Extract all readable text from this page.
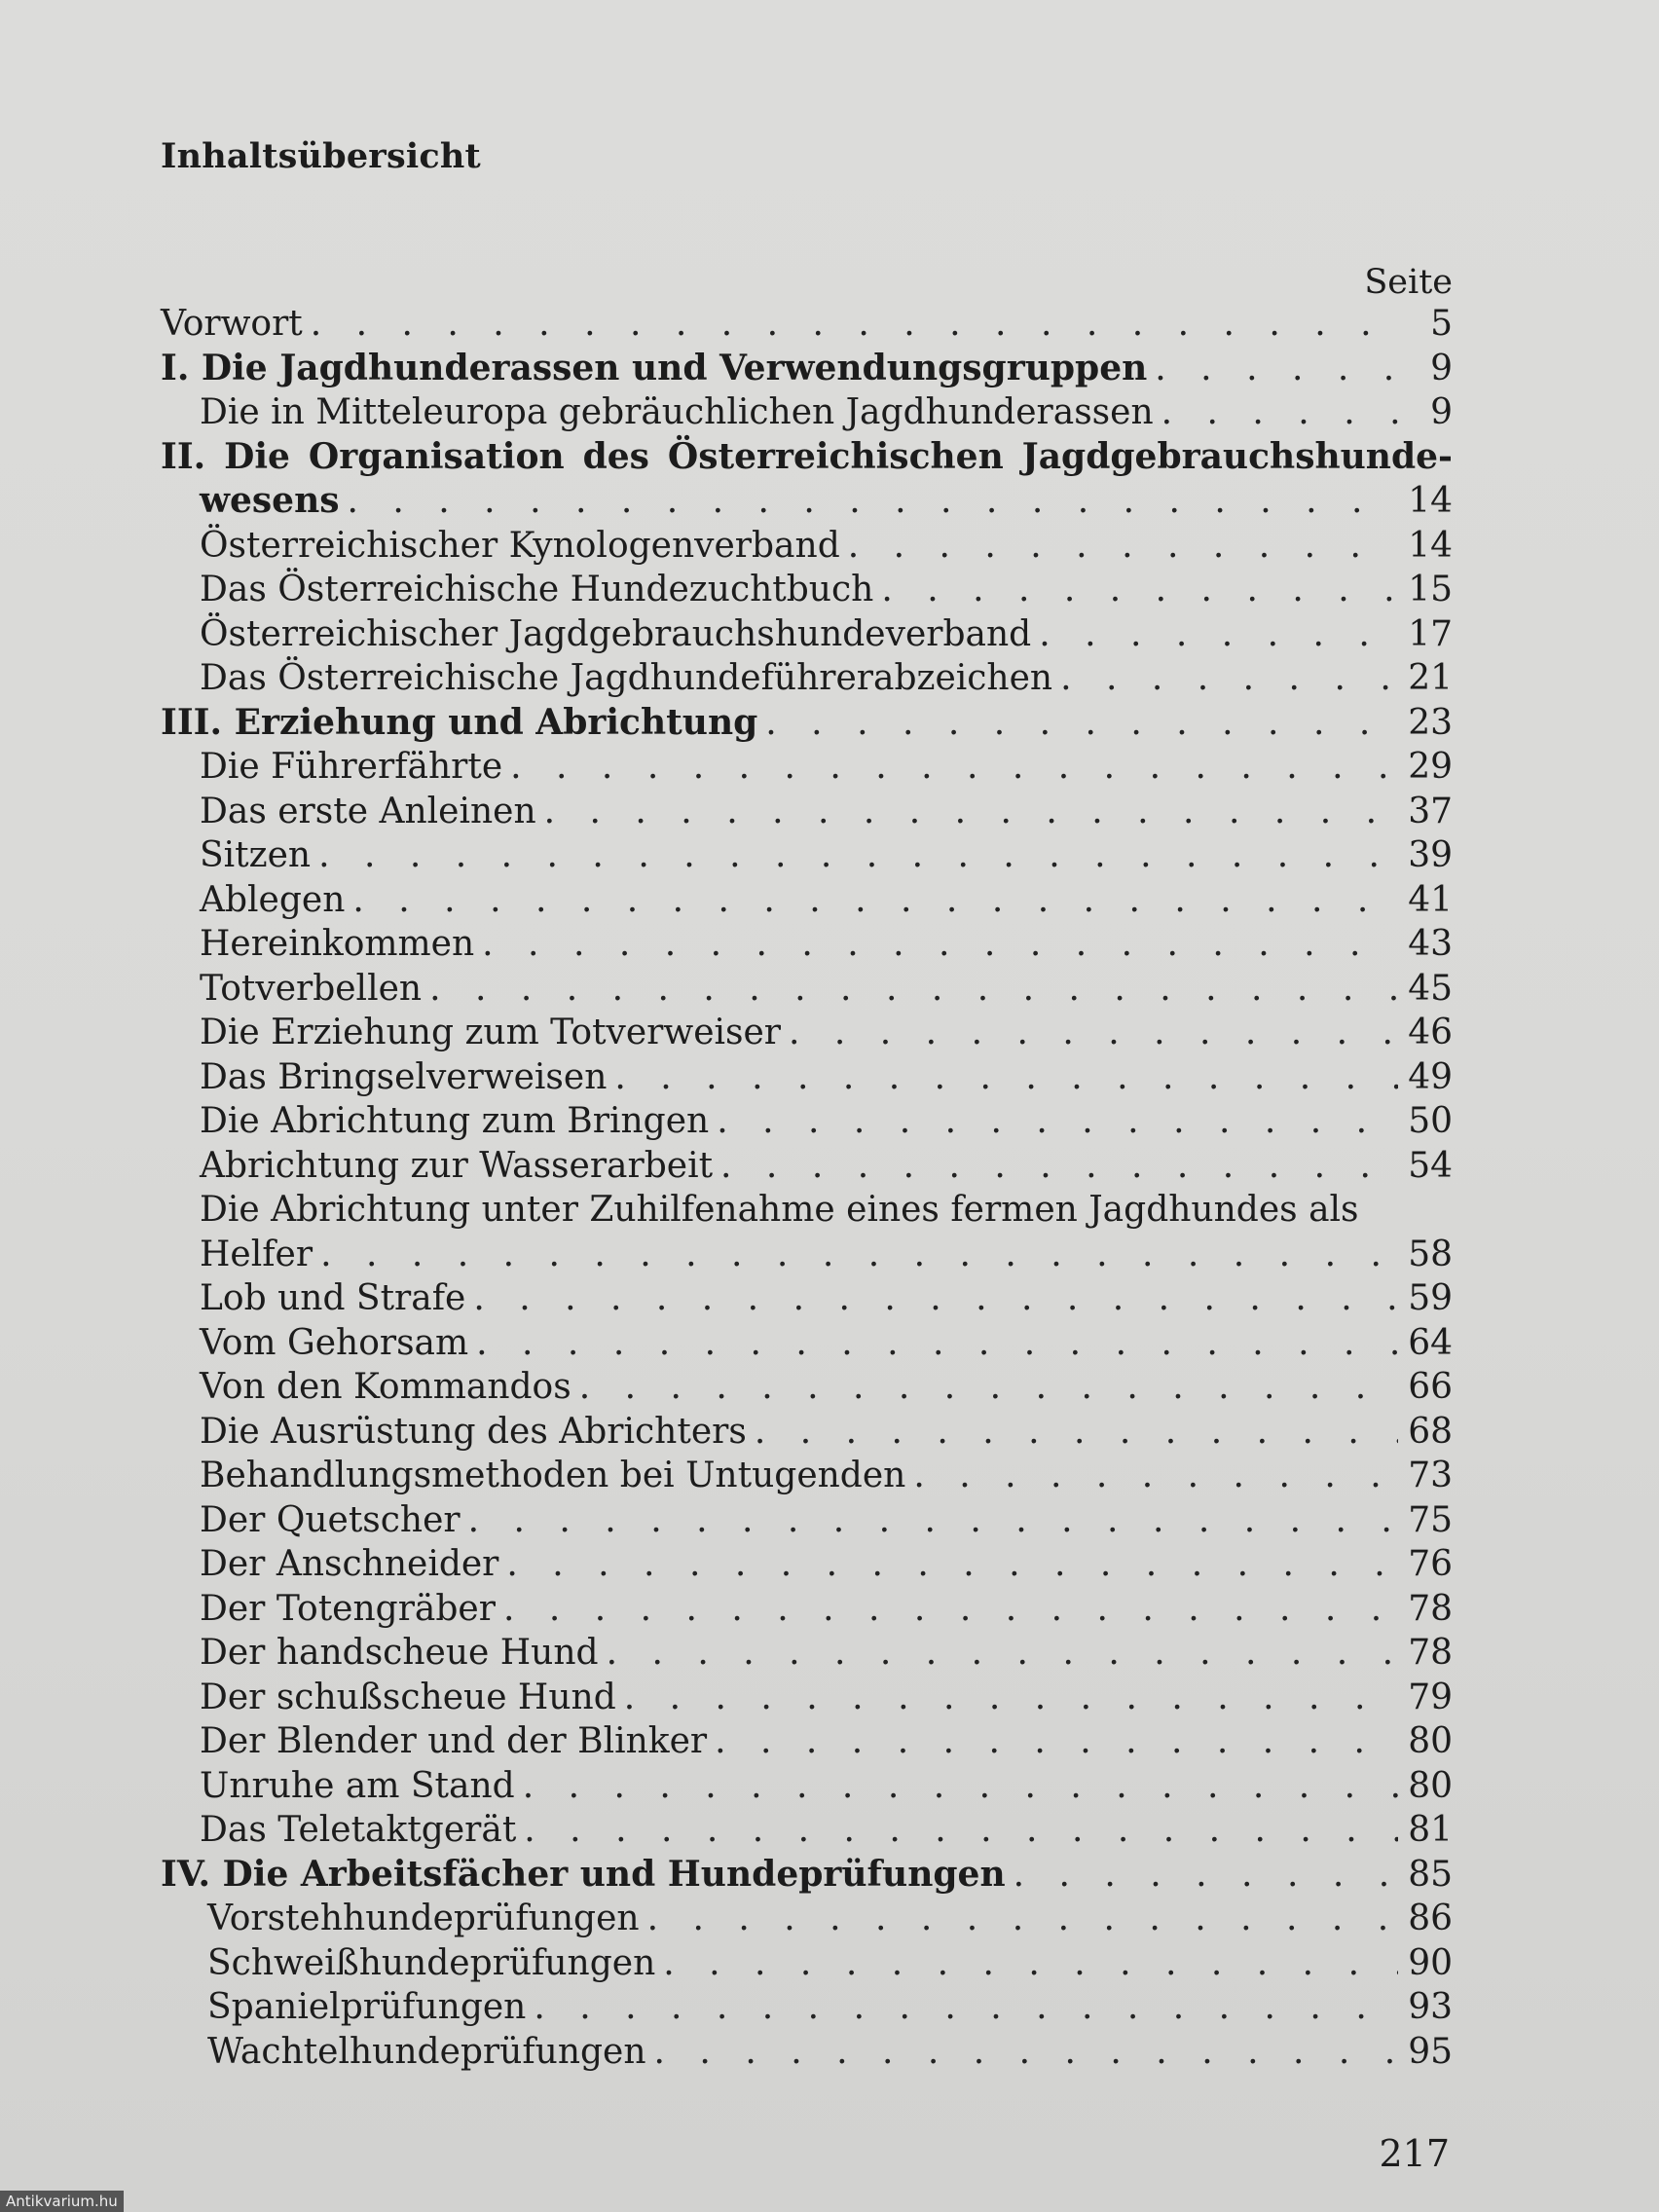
Inhaltsübersicht
Seite
Vorwort . . .	5
I. Die Jagdhunderassen und Verwendungsgruppen . . .	9
Die in Mitteleuropa gebräuchlichen Jagdhunderassen . . .	9
II. Die Organisation des Österreichischen Jagdgebrauchshunde-
wesens . . .	14
Österreichischer Kynologenverband . . .	14
Das Österreichische Hundezuchtbuch . . .	15
Österreichischer Jagdgebrauchshundeverband . . .	17
Das Österreichische Jagdhundeführerabzeichen . . .	21
III. Erziehung und Abrichtung . . .	23
Die Führerfährte . . .	29
Das erste Anleinen . . .	37
Sitzen . . .	39
Ablegen . . .	41
Hereinkommen . . .	43
Totverbellen . . .	45
Die Erziehung zum Totverweiser . . .	46
Das Bringselverweisen . . .	49
Die Abrichtung zum Bringen . . .	50
Abrichtung zur Wasserarbeit . . .	54
Die Abrichtung unter Zuhilfenahme eines fermen Jagdhundes als
Helfer . . .	58
Lob und Strafe . . .	59
Vom Gehorsam . . .	64
Von den Kommandos . . .	66
Die Ausrüstung des Abrichters . . .	68
Behandlungsmethoden bei Untugenden . . .	73
Der Quetscher . . .	75
Der Anschneider . . .	76
Der Totengräber . . .	78
Der handscheue Hund . . .	78
Der schußscheue Hund . . .	79
Der Blender und der Blinker . . .	80
Unruhe am Stand . . .	80
Das Teletaktgerät . . .	81
IV. Die Arbeitsfächer und Hundeprüfungen . . .	85
Vorstehhundeprüfungen . . .	86
Schweißhundeprüfungen . . .	90
Spanielprüfungen . . .	93
Wachtelhundeprüfungen . . .	95
217
Antikvarium.hu
